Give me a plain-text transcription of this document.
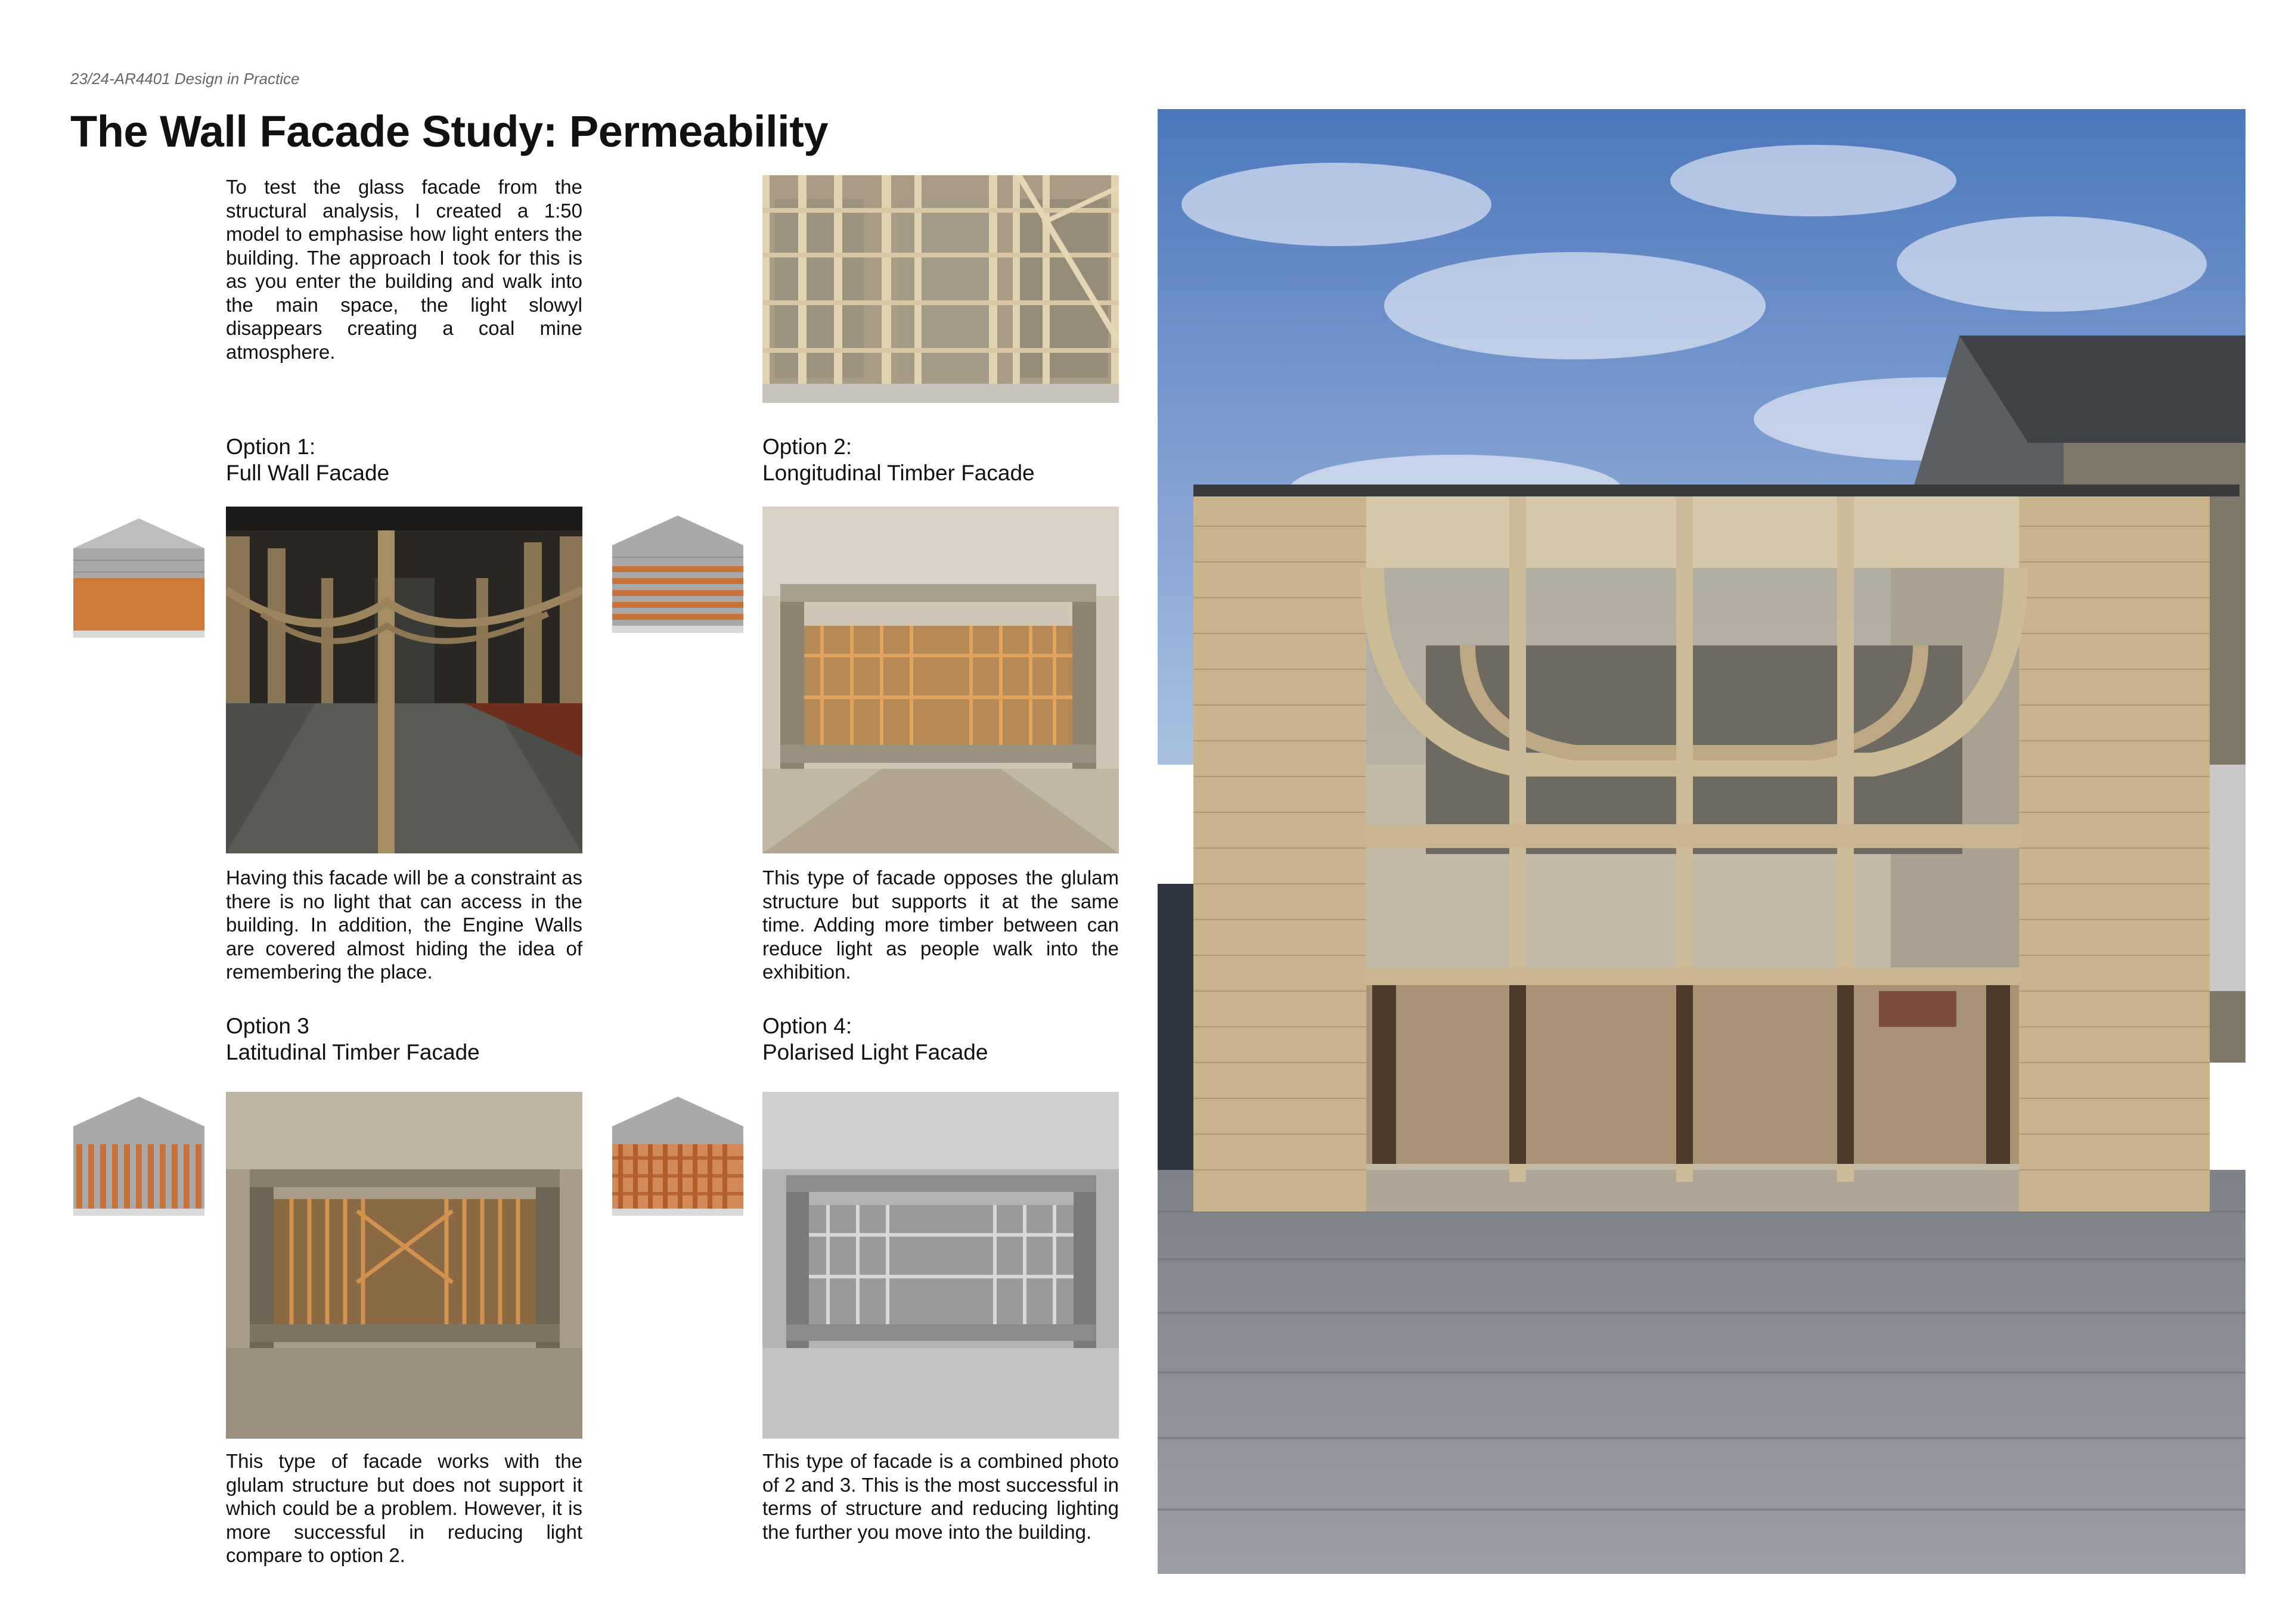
23/24-AR4401 Design in Practice
The Wall Facade Study: Permeability
To test the glass facade from the structural analysis, I created a 1:50 model to emphasise how light enters the building. The approach I took for this is as you enter the building and walk into the main space, the light slowyl disappears creating a coal mine atmosphere.
Option 1:
Full Wall Facade
Option 2:
Longitudinal Timber Facade
Option 3
Latitudinal Timber Facade
Option 4:
Polarised Light Facade
Having this facade will be a constraint as there is no light that can access in the building. In addition, the Engine Walls are covered almost hiding the idea of remembering the place.
This type of facade opposes the glulam structure but supports it at the same time. Adding more timber between can reduce light as people walk into the exhibition.
This type of facade works with the glulam structure but does not support it which could be a problem. However, it is more successful in reducing light compare to option 2.
This type of facade is a combined photo of 2 and 3. This is the most successful in terms of structure and reducing lighting the further you move into the building.
